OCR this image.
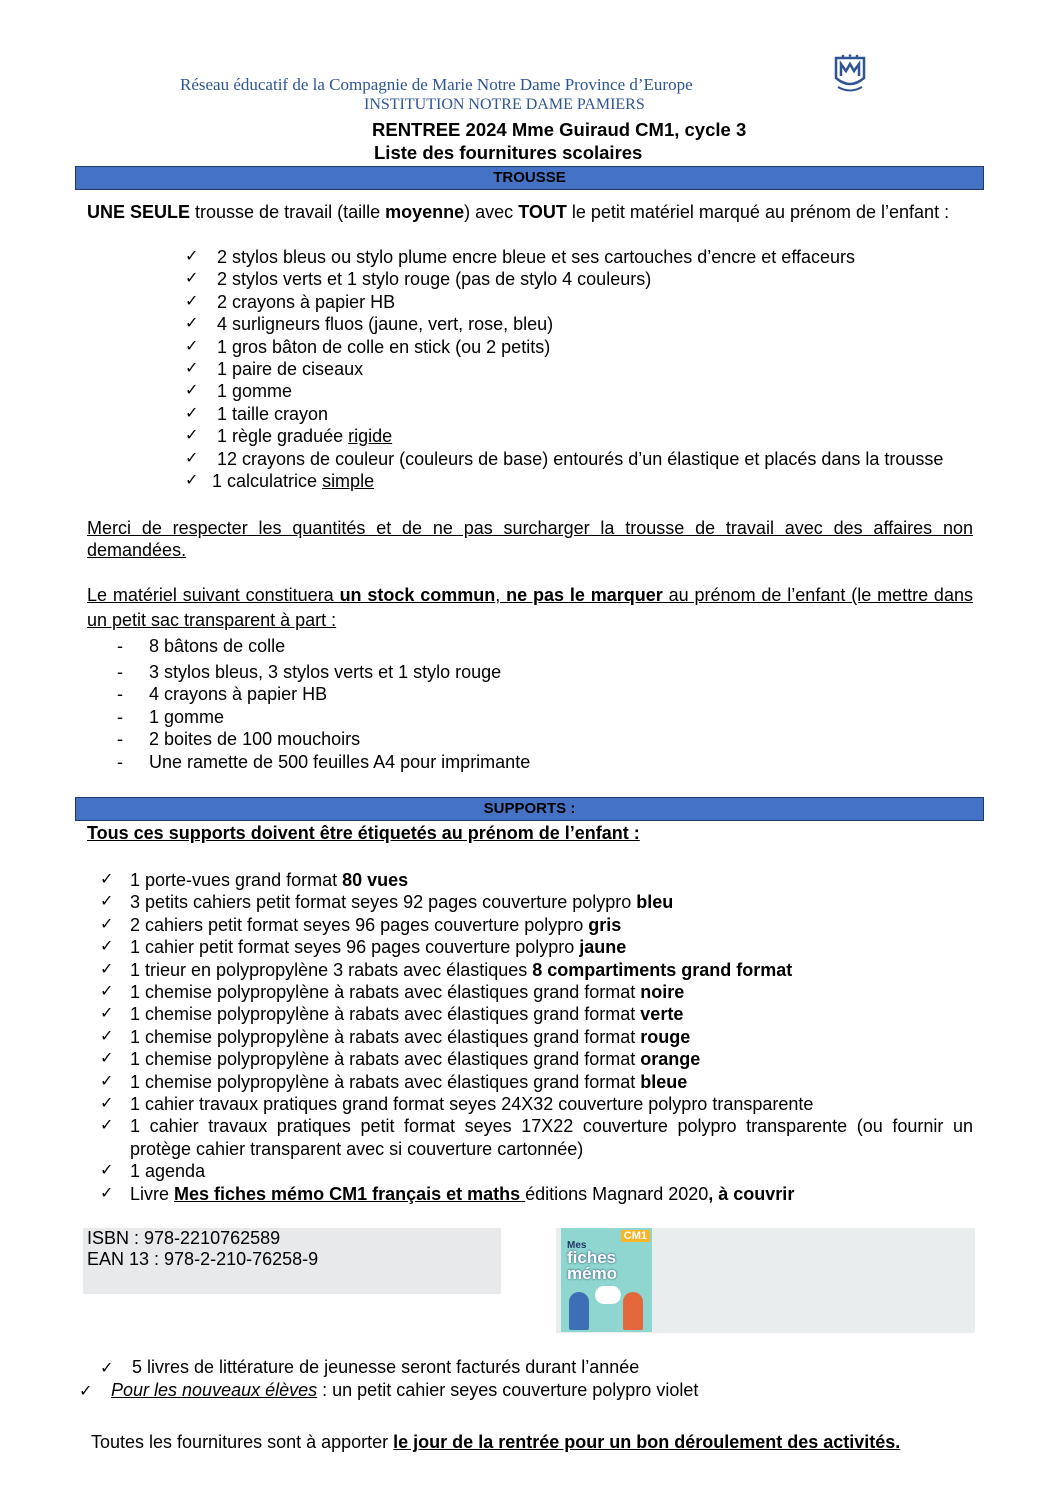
Réseau éducatif de la Compagnie de Marie Notre Dame Province d’Europe
INSTITUTION NOTRE DAME PAMIERS
RENTREE 2024 Mme Guiraud CM1, cycle 3
Liste des fournitures scolaires
TROUSSE
UNE SEULE trousse de travail (taille moyenne) avec TOUT le petit matériel marqué au prénom de l’enfant :
✓ 2 stylos bleus ou stylo plume encre bleue et ses cartouches d’encre et effaceurs
✓ 2 stylos verts et 1 stylo rouge (pas de stylo 4 couleurs)
✓ 2 crayons à papier HB
✓ 4 surligneurs fluos (jaune, vert, rose, bleu)
✓ 1 gros bâton de colle en stick (ou 2 petits)
✓ 1 paire de ciseaux
✓ 1 gomme
✓ 1 taille crayon
✓ 1 règle graduée rigide
✓ 12 crayons de couleur (couleurs de base) entourés d’un élastique et placés dans la trousse
✓ 1 calculatrice simple
Merci de respecter les quantités et de ne pas surcharger la trousse de travail avec des affaires non demandées.
Le matériel suivant constituera un stock commun, ne pas le marquer au prénom de l’enfant (le mettre dans un petit sac transparent à part :
- 8 bâtons de colle
- 3 stylos bleus, 3 stylos verts et 1 stylo rouge
- 4 crayons à papier HB
- 1 gomme
- 2 boites de 100 mouchoirs
- Une ramette de 500 feuilles A4 pour imprimante
SUPPORTS :
Tous ces supports doivent être étiquetés au prénom de l’enfant :
✓ 1 porte-vues grand format 80 vues
✓ 3 petits cahiers petit format seyes 92 pages couverture polypro bleu
✓ 2 cahiers petit format seyes 96 pages couverture polypro gris
✓ 1 cahier petit format seyes 96 pages couverture polypro jaune
✓ 1 trieur en polypropylène 3 rabats avec élastiques 8 compartiments grand format
✓ 1 chemise polypropylène à rabats avec élastiques grand format noire
✓ 1 chemise polypropylène à rabats avec élastiques grand format verte
✓ 1 chemise polypropylène à rabats avec élastiques grand format rouge
✓ 1 chemise polypropylène à rabats avec élastiques grand format orange
✓ 1 chemise polypropylène à rabats avec élastiques grand format bleue
✓ 1 cahier travaux pratiques grand format seyes 24X32 couverture polypro transparente
✓ 1 cahier travaux pratiques petit format seyes 17X22 couverture polypro transparente (ou fournir un protège cahier transparent avec si couverture cartonnée)
✓ 1 agenda
✓ Livre Mes fiches mémo CM1 français et maths éditions Magnard 2020, à couvrir
ISBN : 978-2210762589
EAN 13 : 978-2-210-76258-9
CM1
Mes
fiches mémo
✓ 5 livres de littérature de jeunesse seront facturés durant l’année
✓ Pour les nouveaux élèves : un petit cahier seyes couverture polypro violet
Toutes les fournitures sont à apporter le jour de la rentrée pour un bon déroulement des activités.
